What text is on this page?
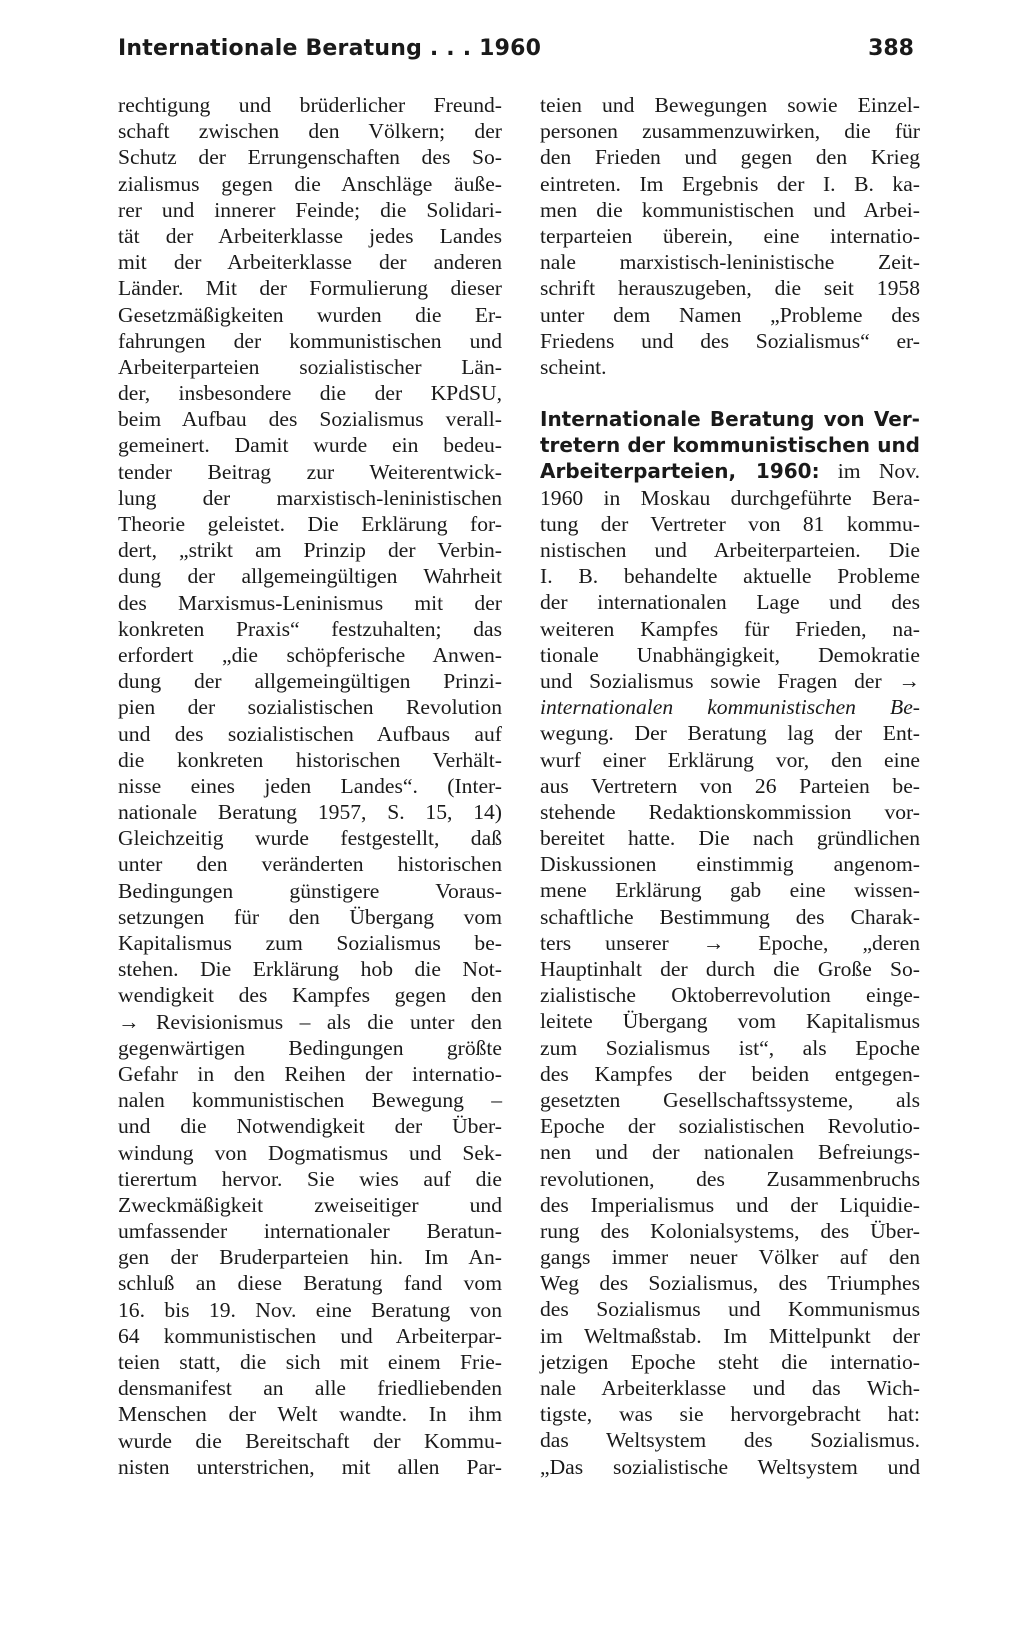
Internationale Beratung . . . 1960	388
rechtigung und brüderlicher Freund-
schaft zwischen den Völkern; der
Schutz der Errungenschaften des So-
zialismus gegen die Anschläge äuße-
rer und innerer Feinde; die Solidari-
tät der Arbeiterklasse jedes Landes
mit der Arbeiterklasse der anderen
Länder. Mit der Formulierung dieser
Gesetzmäßigkeiten wurden die Er-
fahrungen der kommunistischen und
Arbeiterparteien sozialistischer Län-
der, insbesondere die der KPdSU,
beim Aufbau des Sozialismus verall-
gemeinert. Damit wurde ein bedeu-
tender Beitrag zur Weiterentwick-
lung der marxistisch-leninistischen
Theorie geleistet. Die Erklärung for-
dert, „strikt am Prinzip der Verbin-
dung der allgemeingültigen Wahrheit
des Marxismus-Leninismus mit der
konkreten Praxis“ festzuhalten; das
erfordert „die schöpferische Anwen-
dung der allgemeingültigen Prinzi-
pien der sozialistischen Revolution
und des sozialistischen Aufbaus auf
die konkreten historischen Verhält-
nisse eines jeden Landes“. (Inter-
nationale Beratung 1957, S. 15, 14)
Gleichzeitig wurde festgestellt, daß
unter den veränderten historischen
Bedingungen günstigere Voraus-
setzungen für den Übergang vom
Kapitalismus zum Sozialismus be-
stehen. Die Erklärung hob die Not-
wendigkeit des Kampfes gegen den
→ Revisionismus – als die unter den
gegenwärtigen Bedingungen größte
Gefahr in den Reihen der internatio-
nalen kommunistischen Bewegung –
und die Notwendigkeit der Über-
windung von Dogmatismus und Sek-
tierertum hervor. Sie wies auf die
Zweckmäßigkeit zweiseitiger und
umfassender internationaler Beratun-
gen der Bruderparteien hin. Im An-
schluß an diese Beratung fand vom
16. bis 19. Nov. eine Beratung von
64 kommunistischen und Arbeiterpar-
teien statt, die sich mit einem Frie-
densmanifest an alle friedliebenden
Menschen der Welt wandte. In ihm
wurde die Bereitschaft der Kommu-
nisten unterstrichen, mit allen Par-
teien und Bewegungen sowie Einzel-
personen zusammenzuwirken, die für
den Frieden und gegen den Krieg
eintreten. Im Ergebnis der I. B. ka-
men die kommunistischen und Arbei-
terparteien überein, eine internatio-
nale marxistisch-leninistische Zeit-
schrift herauszugeben, die seit 1958
unter dem Namen „Probleme des
Friedens und des Sozialismus“ er-
scheint.
Internationale Beratung von Ver-
tretern der kommunistischen und
Arbeiterparteien, 1960: im Nov.
1960 in Moskau durchgeführte Bera-
tung der Vertreter von 81 kommu-
nistischen und Arbeiterparteien. Die
I. B. behandelte aktuelle Probleme
der internationalen Lage und des
weiteren Kampfes für Frieden, na-
tionale Unabhängigkeit, Demokratie
und Sozialismus sowie Fragen der →
internationalen kommunistischen Be-
wegung. Der Beratung lag der Ent-
wurf einer Erklärung vor, den eine
aus Vertretern von 26 Parteien be-
stehende Redaktionskommission vor-
bereitet hatte. Die nach gründlichen
Diskussionen einstimmig angenom-
mene Erklärung gab eine wissen-
schaftliche Bestimmung des Charak-
ters unserer → Epoche, „deren
Hauptinhalt der durch die Große So-
zialistische Oktoberrevolution einge-
leitete Übergang vom Kapitalismus
zum Sozialismus ist“, als Epoche
des Kampfes der beiden entgegen-
gesetzten Gesellschaftssysteme, als
Epoche der sozialistischen Revolutio-
nen und der nationalen Befreiungs-
revolutionen, des Zusammenbruchs
des Imperialismus und der Liquidie-
rung des Kolonialsystems, des Über-
gangs immer neuer Völker auf den
Weg des Sozialismus, des Triumphes
des Sozialismus und Kommunismus
im Weltmaßstab. Im Mittelpunkt der
jetzigen Epoche steht die internatio-
nale Arbeiterklasse und das Wich-
tigste, was sie hervorgebracht hat:
das Weltsystem des Sozialismus.
„Das sozialistische Weltsystem und
